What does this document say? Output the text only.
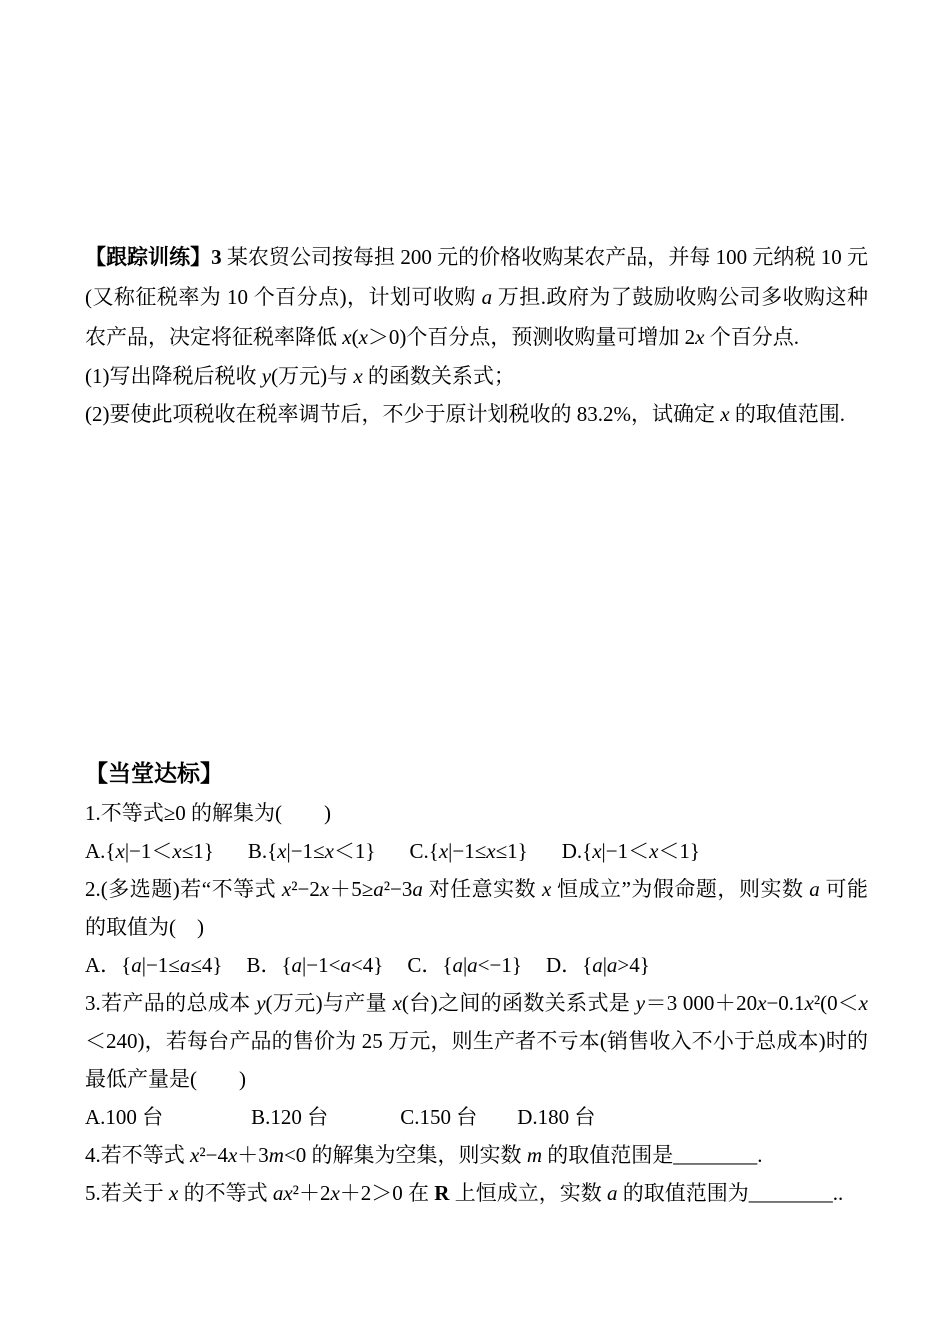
【跟踪训练】3 某农贸公司按每担 200 元的价格收购某农产品，并每 100 元纳税 10 元(又称征税率为 10 个百分点)，计划可收购 a 万担.政府为了鼓励收购公司多收购这种农产品，决定将征税率降低 x(x＞0)个百分点，预测收购量可增加 2x 个百分点.

(1)写出降税后税收 y(万元)与 x 的函数关系式；

(2)要使此项税收在税率调节后，不少于原计划税收的 83.2%，试确定 x 的取值范围.

【当堂达标】

1.不等式≥0 的解集为(　　)

A.{x|−1＜x≤1} B.{x|−1≤x＜1} C.{x|−1≤x≤1} D.{x|−1＜x＜1}

2.(多选题)若“不等式 x²−2x＋5≥a²−3a 对任意实数 x 恒成立”为假命题，则实数 a 可能的取值为(　)

A．{a|−1≤a≤4} B．{a|−1<a<4} C．{a|a<−1} D．{a|a>4}

3.若产品的总成本 y(万元)与产量 x(台)之间的函数关系式是 y＝3 000＋20x−0.1x²(0＜x＜240)，若每台产品的售价为 25 万元，则生产者不亏本(销售收入不小于总成本)时的最低产量是(　　)

A.100 台	B.120 台	C.150 台 D.180 台

4.若不等式 x²−4x＋3m<0 的解集为空集，则实数 m 的取值范围是________.

5.若关于 x 的不等式 ax²＋2x＋2＞0 在 R 上恒成立，实数 a 的取值范围为________..
